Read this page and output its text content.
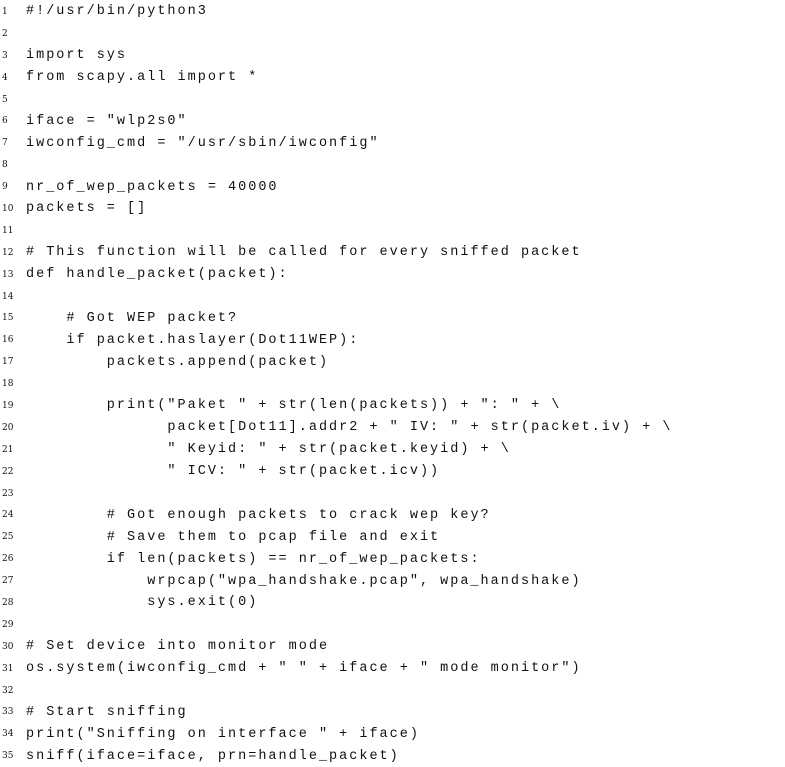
1	#!/usr/bin/python3
2
3	import sys
4	from scapy.all import *
5
6	iface = "wlp2s0"
7	iwconfig_cmd = "/usr/sbin/iwconfig"
8
9	nr_of_wep_packets = 40000
10 packets = []
11
12 # This function will be called for every sniffed packet
13 def handle_packet(packet):
14
15 # Got WEP packet?
16 if packet.haslayer(Dot11WEP):
17 packets.append(packet)
18
19 print("Paket " + str(len(packets)) + ": " + \
20 packet[Dot11].addr2 + " IV: " + str(packet.iv) + \
21 " Keyid: " + str(packet.keyid) + \
22 " ICV: " + str(packet.icv))
23
24 # Got enough packets to crack wep key?
25 # Save them to pcap file and exit
26 if len(packets) == nr_of_wep_packets:
27 wrpcap("wpa_handshake.pcap", wpa_handshake)
28 sys.exit(0)
29
30 # Set device into monitor mode
31 os.system(iwconfig_cmd + " " + iface + " mode monitor")
32
33 # Start sniffing
34 print("Sniffing on interface " + iface)
35 sniff(iface=iface, prn=handle_packet)
